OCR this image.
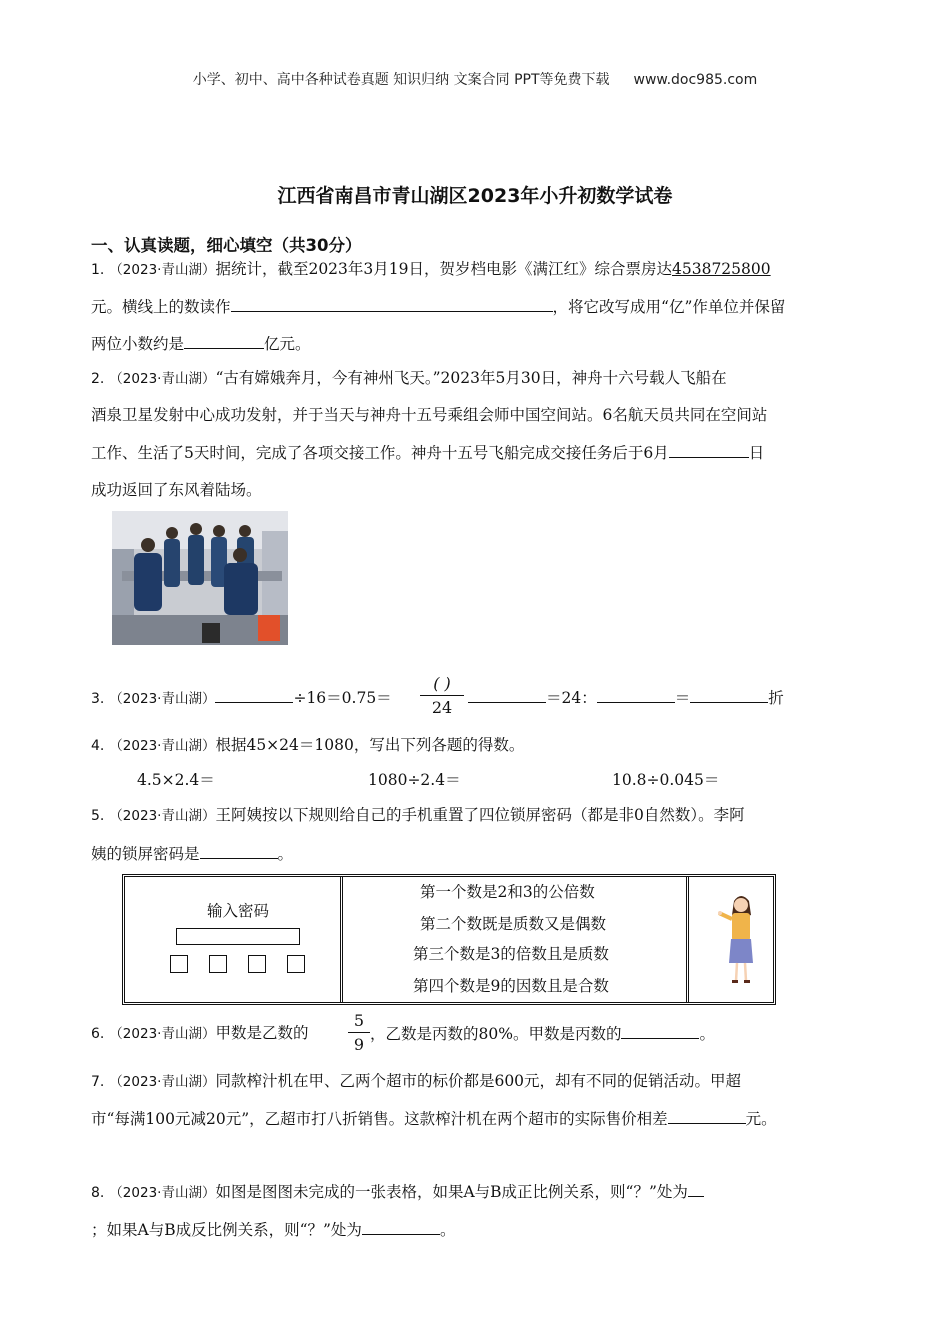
小学、初中、高中各种试卷真题 知识归纳 文案合同 PPT等免费下载 www.doc985.com
江西省南昌市青山湖区2023年小升初数学试卷
一、认真读题，细心填空（共30分）
1. （2023·青山湖）据统计，截至2023年3月19日，贺岁档电影《满江红》综合票房达4538725800
元。横线上的数读作	，将它改写成用“亿”作单位并保留
两位小数约是	亿元。
2. （2023·青山湖）“古有嫦娥奔月，今有神州飞天。”2023年5月30日，神舟十六号载人飞船在
酒泉卫星发射中心成功发射，并于当天与神舟十五号乘组会师中国空间站。6名航天员共同在空间站
工作、生活了5天时间，完成了各项交接工作。神舟十五号飞船完成交接任务后于6月	日
成功返回了东风着陆场。
3. （2023·青山湖）	÷16＝0.75＝
( )
24	＝24：	＝	折
4. （2023·青山湖）根据45×24＝1080，写出下列各题的得数。
4.5×2.4＝	1080÷2.4＝	10.8÷0.045＝
5. （2023·青山湖）王阿姨按以下规则给自己的手机重置了四位锁屏密码（都是非0自然数）。李阿
姨的锁屏密码是	。
输入密码
第一个数是2和3的公倍数
第二个数既是质数又是偶数
第三个数是3的倍数且是质数
第四个数是9的因数且是合数
6. （2023·青山湖）甲数是乙数的
5
9
，乙数是丙数的80%。甲数是丙数的	。
7. （2023·青山湖）同款榨汁机在甲、乙两个超市的标价都是600元，却有不同的促销活动。甲超
市“每满100元减20元”，乙超市打八折销售。这款榨汁机在两个超市的实际售价相差	元。
8. （2023·青山湖）如图是图图未完成的一张表格，如果A与B成正比例关系，则“？”处为
；如果A与B成反比例关系，则“？”处为	。
